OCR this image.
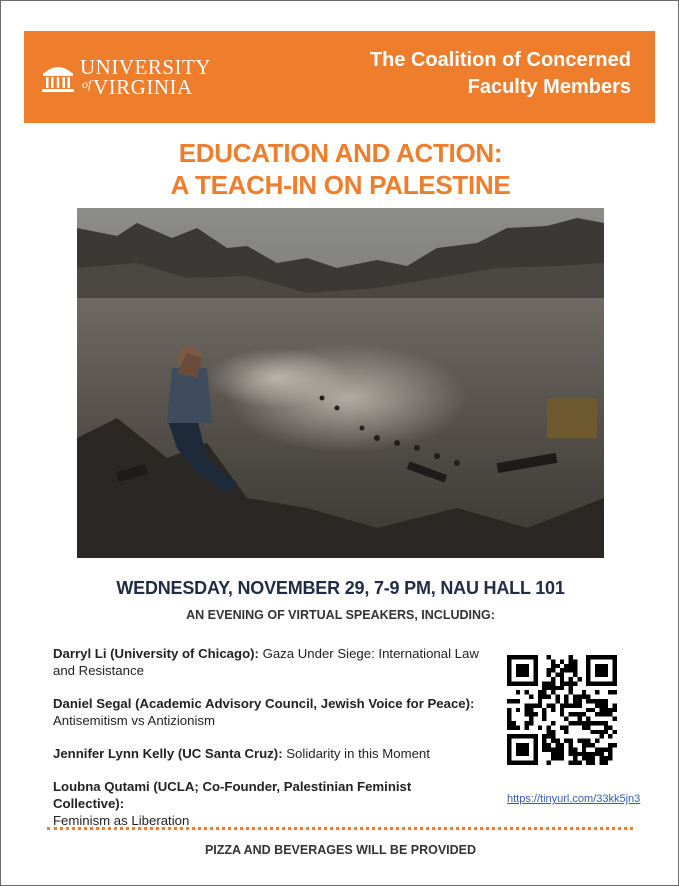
UNIVERSITY
of VIRGINIA
The Coalition of Concerned
Faculty Members
EDUCATION AND ACTION:
A TEACH-IN ON PALESTINE
WEDNESDAY, NOVEMBER 29, 7-9 PM, NAU HALL 101
AN EVENING OF VIRTUAL SPEAKERS, INCLUDING:
Darryl Li (University of Chicago): Gaza Under Siege: International Law and Resistance
Daniel Segal (Academic Advisory Council, Jewish Voice for Peace):
Antisemitism vs Antizionism
Jennifer Lynn Kelly (UC Santa Cruz): Solidarity in this Moment
Loubna Qutami (UCLA; Co-Founder, Palestinian Feminist Collective):
Feminism as Liberation
https://tinyurl.com/33kk5jn3
PIZZA AND BEVERAGES WILL BE PROVIDED
